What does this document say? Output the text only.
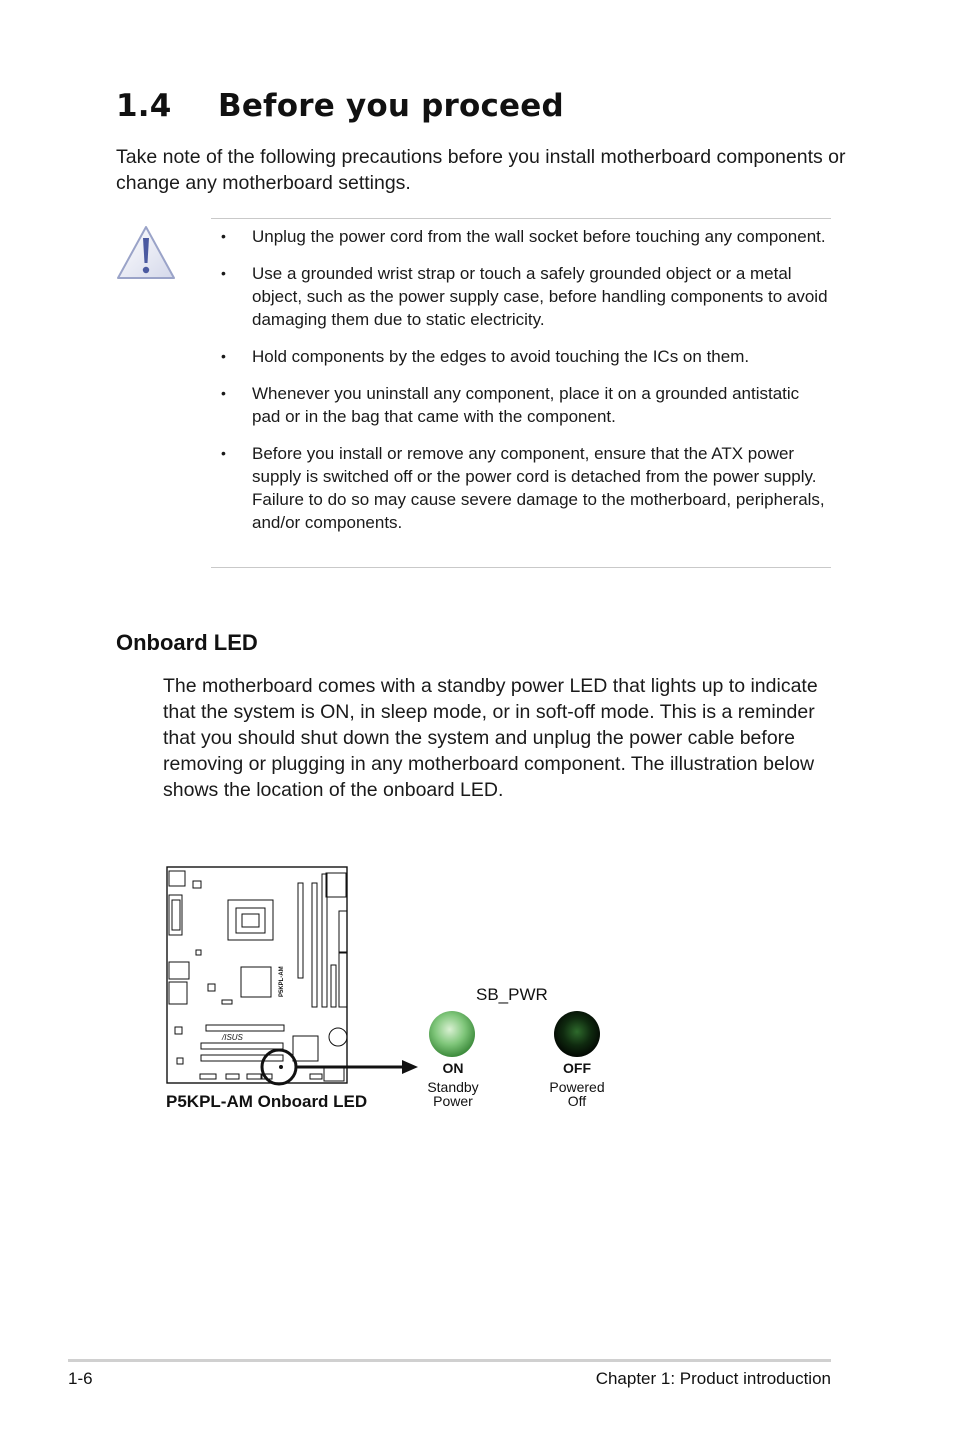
1.4 Before you proceed

Take note of the following precautions before you install motherboard components or change any motherboard settings.

• Unplug the power cord from the wall socket before touching any component.
• Use a grounded wrist strap or touch a safely grounded object or a metal object, such as the power supply case, before handling components to avoid damaging them due to static electricity.
• Hold components by the edges to avoid touching the ICs on them.
• Whenever you uninstall any component, place it on a grounded antistatic pad or in the bag that came with the component.
• Before you install or remove any component, ensure that the ATX power supply is switched off or the power cord is detached from the power supply. Failure to do so may cause severe damage to the motherboard, peripherals, and/or components.
Onboard LED

The motherboard comes with a standby power LED that lights up to indicate that the system is ON, in sleep mode, or in soft-off mode. This is a reminder that you should shut down the system and unplug the power cable before removing or plugging in any motherboard component. The illustration below shows the location of the onboard LED.

P5KPL-AM
/ISUS
SB_PWR
ON
Standby
Power
OFF
Powered
Off

P5KPL-AM Onboard LED

1-6	Chapter 1: Product introduction
